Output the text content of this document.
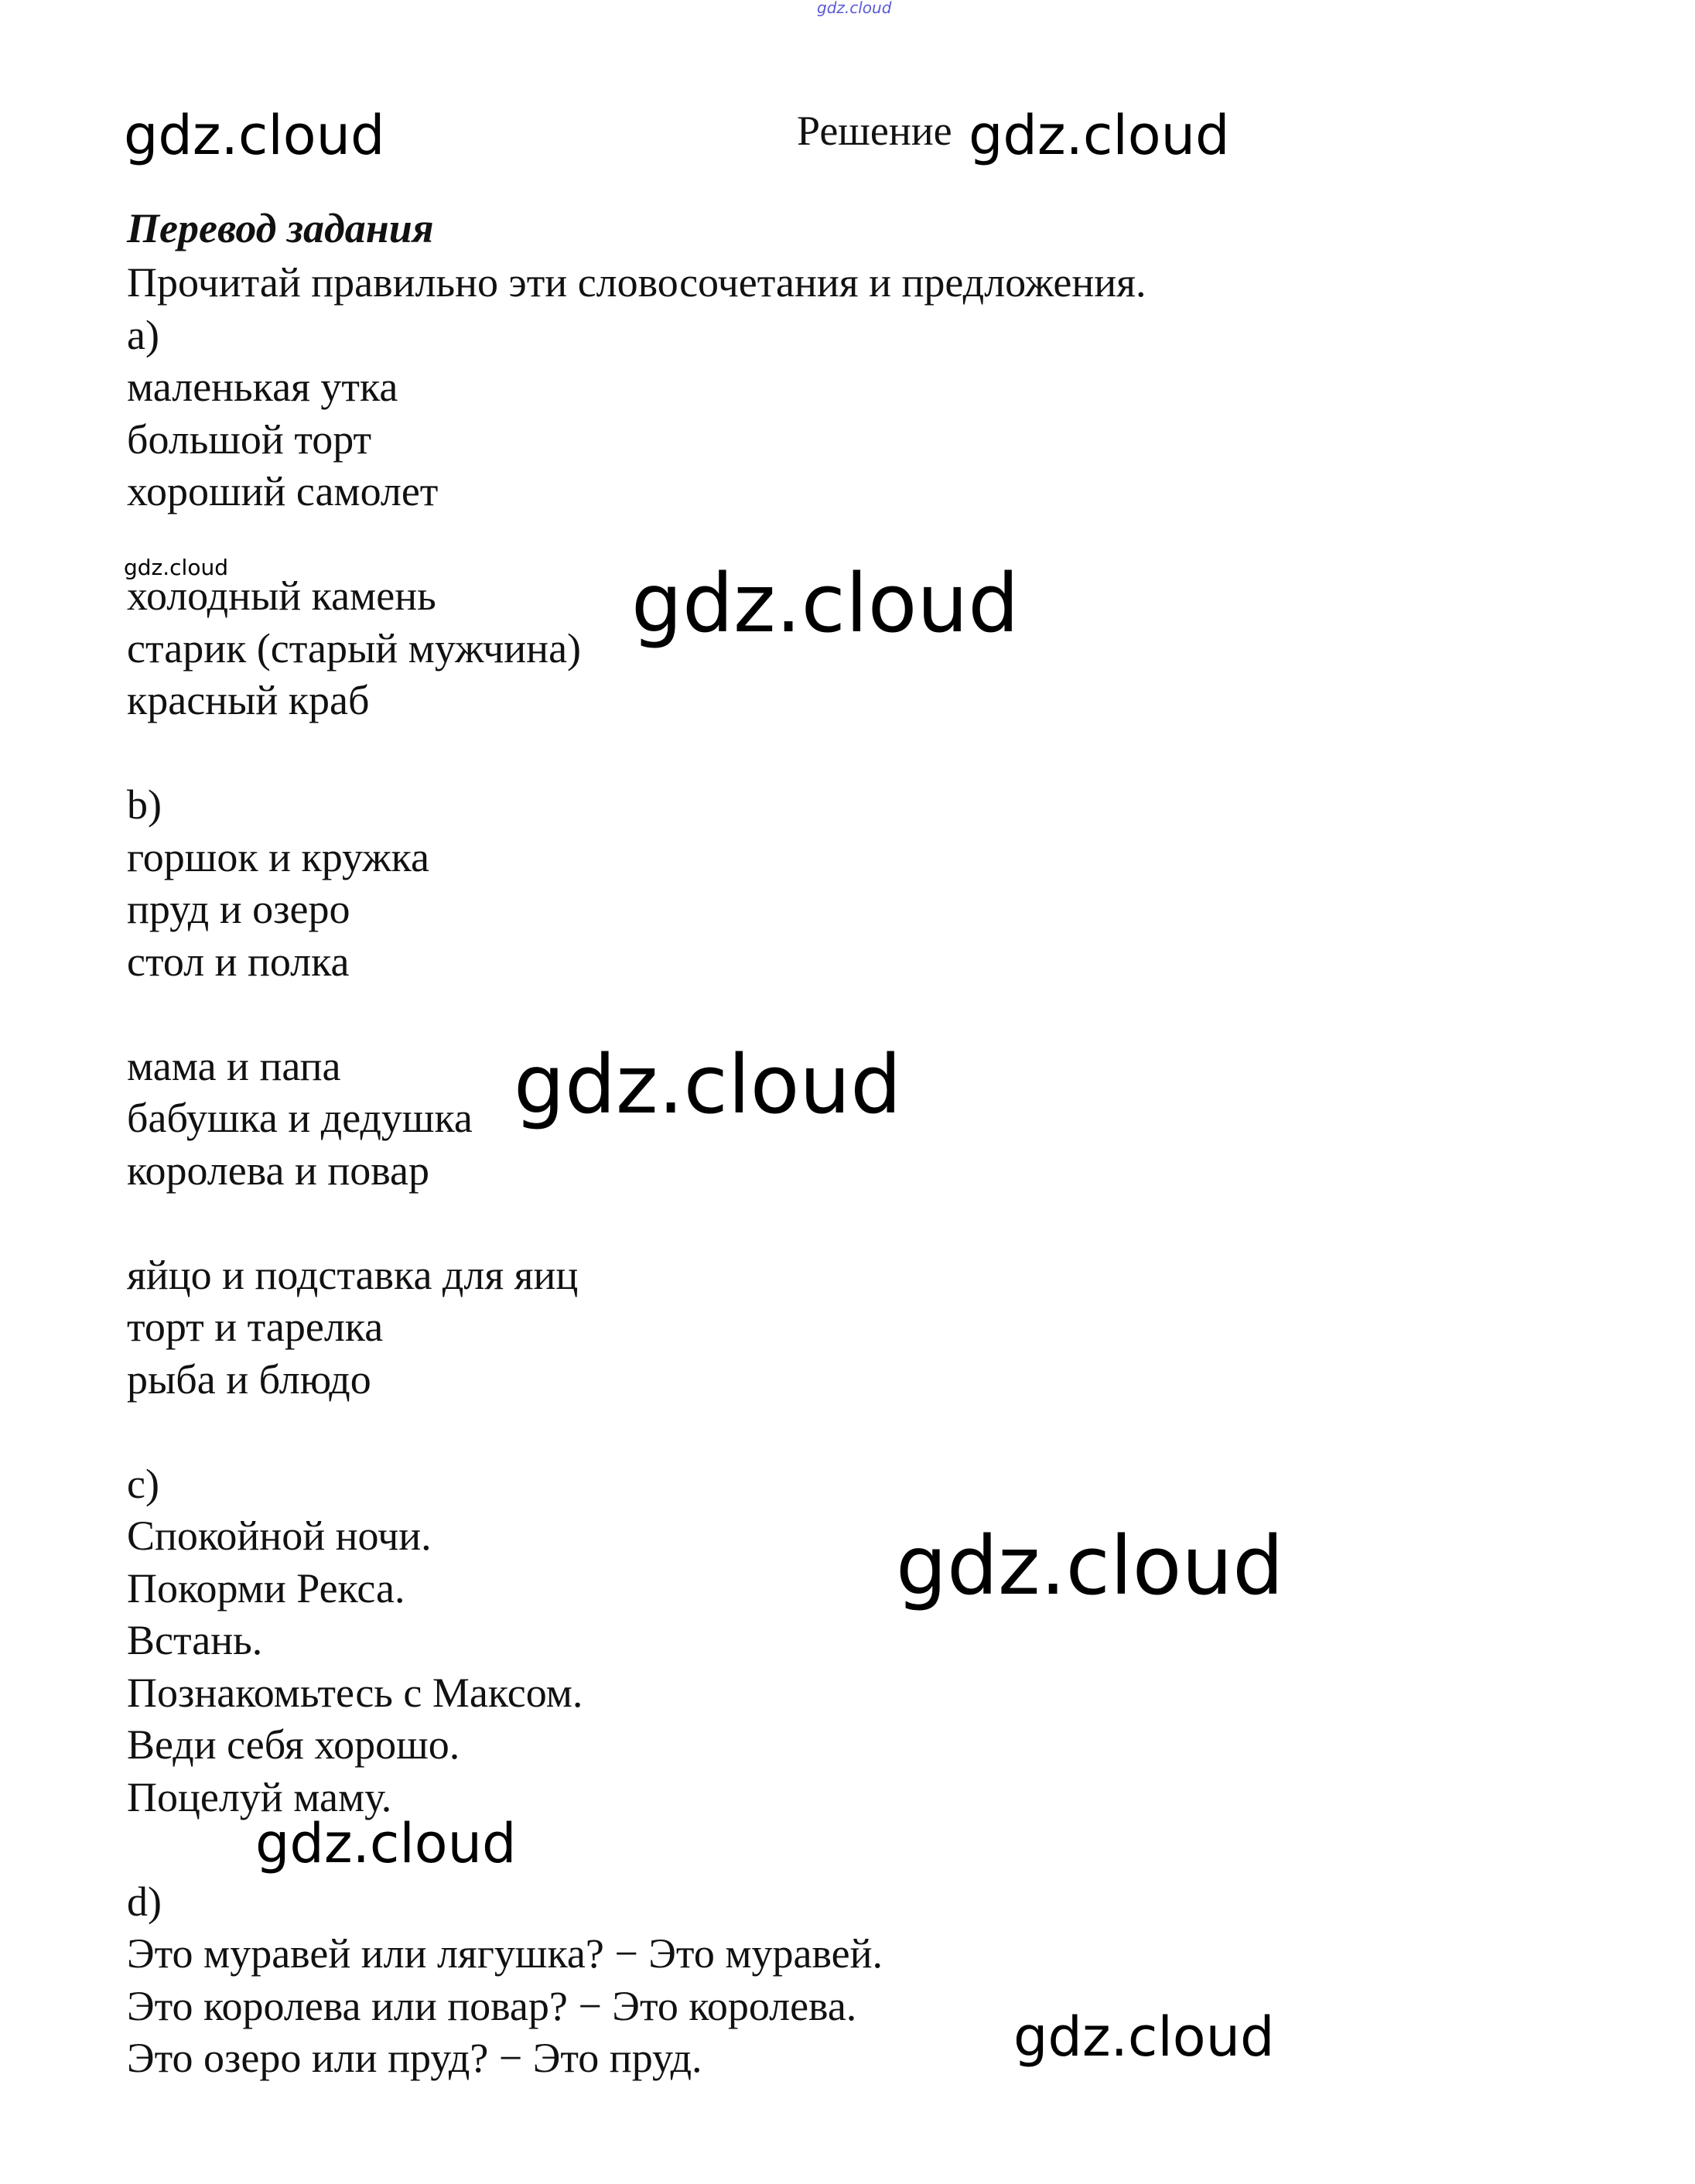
gdz.cloud
gdz.cloud	Решение gdz.cloud
Перевод задания
Прочитай правильно эти словосочетания и предложения.
a)
маленькая утка
большой торт
хороший самолет
холодный камень
старик (старый мужчина)
красный краб
b)
горшок и кружка
пруд и озеро
стол и полка
мама и папа
бабушка и дедушка
королева и повар
яйцо и подставка для яиц
торт и тарелка
рыба и блюдо
c)
Спокойной ночи.
Покорми Рекса.
Встань.
Познакомьтесь с Максом.
Веди себя хорошо.
Поцелуй маму.
d)
Это муравей или лягушка? − Это муравей.
Это королева или повар? − Это королева.
Это озеро или пруд? − Это пруд.
gdz.cloud	gdz.cloud
gdz.cloud
gdz.cloud
gdz.cloud
gdz.cloud
